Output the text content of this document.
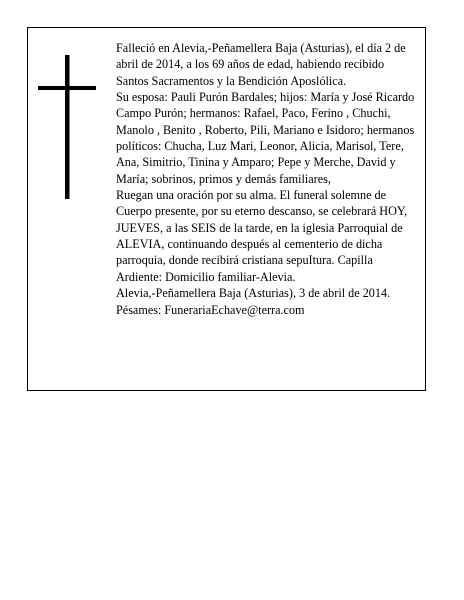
Falleció en Alevia,-Peñamellera Baja (Asturias), el día 2 de abril de 2014, a los 69 años de edad, habiendo recibido Santos Sacramentos y la Bendición Aposlólica.

Su esposa: Pauli Purón Bardales; hijos: María y José Ricardo Campo Purón; hermanos: Rafael, Paco, Ferino , Chuchi, Manolo , Benito , Roberto, Pili, Mariano e Isidoro; hermanos políticos: Chucha, Luz Mari, Leonor, Alicia, Marisol, Tere, Ana, Simitrio, Tinina y Amparo; Pepe y Merche, David y María; sobrinos, primos y demás familiares,

Ruegan una oración por su alma. El funeral solemne de Cuerpo presente, por su eterno descanso, se celebrará HOY, JUEVES, a las SEIS de la tarde, en la iglesia Parroquial de ALEVIA, continuando después al cementerio de dicha parroquia, donde recibirá cristiana sepuItura. Capilla Ardiente: Domicilio familiar-Alevia.

Alevia,-Peñamellera Baja (Asturias), 3 de abril de 2014.

Pésames: FunerariaEchave@terra.com
